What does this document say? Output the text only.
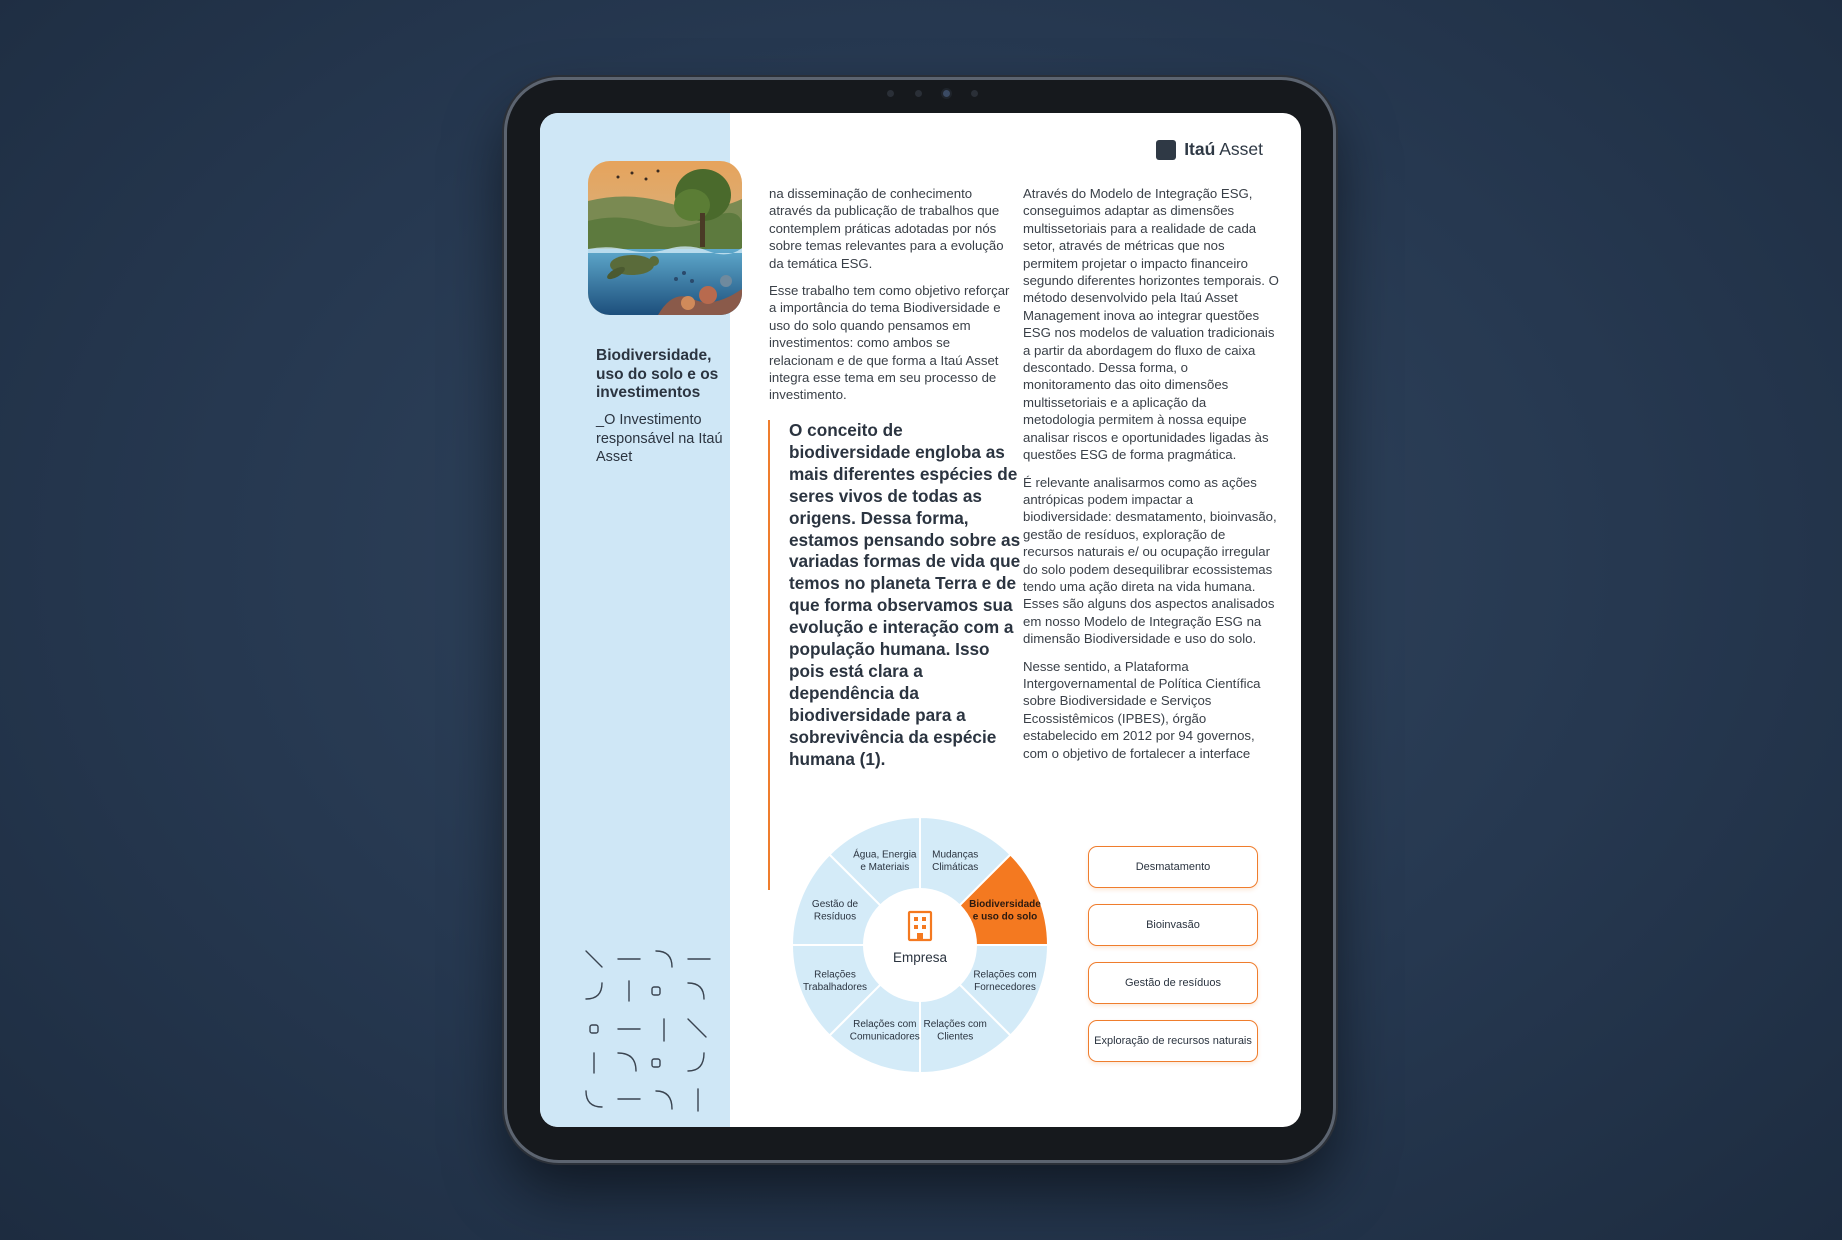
Biodiversidade, uso do solo e os investimentos
_O Investimento responsável na Itaú Asset
Itaú Asset

na disseminação de conhecimento através da publicação de trabalhos que contemplem práticas adotadas por nós sobre temas relevantes para a evolução da temática ESG.

Esse trabalho tem como objetivo reforçar a importância do tema Biodiversidade e uso do solo quando pensamos em investimentos: como ambos se relacionam e de que forma a Itaú Asset integra esse tema em seu processo de investimento.

O conceito de biodiversidade engloba as mais diferentes espécies de seres vivos de todas as origens. Dessa forma, estamos pensando sobre as variadas formas de vida que temos no planeta Terra e de que forma observamos sua evolução e interação com a população humana. Isso pois está clara a dependência da biodiversidade para a sobrevivência da espécie humana (1).

Através do Modelo de Integração ESG, conseguimos adaptar as dimensões multissetoriais para a realidade de cada setor, através de métricas que nos permitem projetar o impacto financeiro segundo diferentes horizontes temporais. O método desenvolvido pela Itaú Asset Management inova ao integrar questões ESG nos modelos de valuation tradicionais a partir da abordagem do fluxo de caixa descontado. Dessa forma, o monitoramento das oito dimensões multissetoriais e a aplicação da metodologia permitem à nossa equipe analisar riscos e oportunidades ligadas às questões ESG de forma pragmática.

É relevante analisarmos como as ações antrópicas podem impactar a biodiversidade: desmatamento, bioinvasão, gestão de resíduos, exploração de recursos naturais e/ ou ocupação irregular do solo podem desequilibrar ecossistemas tendo uma ação direta na vida humana. Esses são alguns dos aspectos analisados em nosso Modelo de Integração ESG na dimensão Biodiversidade e uso do solo.

Nesse sentido, a Plataforma Intergovernamental de Política Científica sobre Biodiversidade e Serviços Ecossistêmicos (IPBES), órgão estabelecido em 2012 por 94 governos, com o objetivo de fortalecer a interface

Empresa
Mudanças Climáticas
Biodiversidade e uso do solo
Relações com Fornecedores
Relações com Clientes
Relações com Comunicadores
Relações Trabalhadores
Gestão de Resíduos
Água, Energia e Materiais	Desmatamento
Bioinvasão
Gestão de resíduos
Exploração de recursos naturais
